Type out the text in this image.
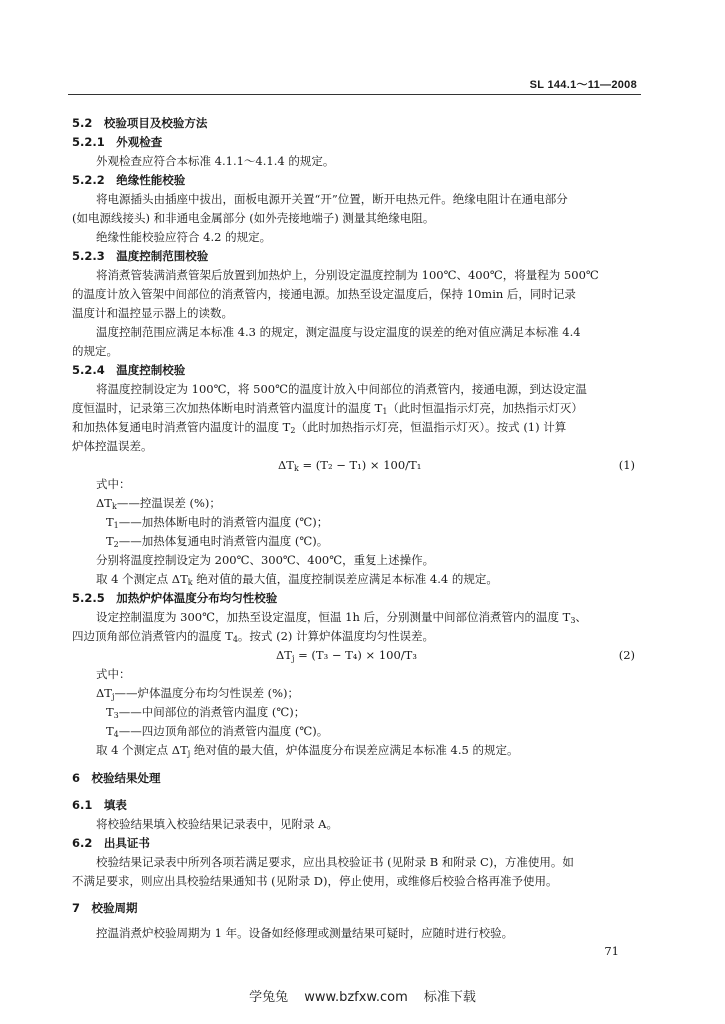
SL 144.1～11—2008
5.2　校验项目及校验方法
5.2.1　外观检查
外观检查应符合本标准 4.1.1～4.1.4 的规定。
5.2.2　绝缘性能校验
将电源插头由插座中拔出，面板电源开关置“开”位置，断开电热元件。绝缘电阻计在通电部分
(如电源线接头) 和非通电金属部分 (如外壳接地端子) 测量其绝缘电阻。
绝缘性能校验应符合 4.2 的规定。
5.2.3　温度控制范围校验
将消煮管装满消煮管架后放置到加热炉上，分别设定温度控制为 100℃、400℃，将量程为 500℃
的温度计放入管架中间部位的消煮管内，接通电源。加热至设定温度后，保持 10min 后，同时记录
温度计和温控显示器上的读数。
温度控制范围应满足本标准 4.3 的规定，测定温度与设定温度的误差的绝对值应满足本标准 4.4
的规定。
5.2.4　温度控制校验
将温度控制设定为 100℃，将 500℃的温度计放入中间部位的消煮管内，接通电源，到达设定温
度恒温时，记录第三次加热体断电时消煮管内温度计的温度 $T_1$（此时恒温指示灯亮，加热指示灯灭）
和加热体复通电时消煮管内温度计的温度 $T_2$（此时加热指示灯亮，恒温指示灯灭）。按式 (1) 计算
炉体控温误差。
$\Delta T_k = (T_2 - T_1) \times 100/T_1$	(1)
式中：
$\Delta T_k——$控温误差 (%)；
$T_1——$加热体断电时的消煮管内温度 (℃)；
$T_2——$加热体复通电时消煮管内温度 (℃)。
分别将温度控制设定为 200℃、300℃、400℃，重复上述操作。
取 4 个测定点 $\Delta T_k$ 绝对值的最大值，温度控制误差应满足本标准 4.4 的规定。
5.2.5　加热炉炉体温度分布均匀性校验
设定控制温度为 300℃，加热至设定温度，恒温 1h 后，分别测量中间部位消煮管内的温度 $T_3$、
四边顶角部位消煮管内的温度 $T_4$。按式 (2) 计算炉体温度均匀性误差。
$\Delta T_j = (T_3 - T_4) \times 100/T_3$	(2)
式中：
$\Delta T_j——$炉体温度分布均匀性误差 (%)；
$T_3——$中间部位的消煮管内温度 (℃)；
$T_4——$四边顶角部位的消煮管内温度 (℃)。
取 4 个测定点 $\Delta T_j$ 绝对值的最大值，炉体温度分布误差应满足本标准 4.5 的规定。
6　校验结果处理
6.1　填表
将校验结果填入校验结果记录表中，见附录 A。
6.2　出具证书
校验结果记录表中所列各项若满足要求，应出具校验证书 (见附录 B 和附录 C)，方准使用。如
不满足要求，则应出具校验结果通知书 (见附录 D)，停止使用，或维修后校验合格再准予使用。
7　校验周期
控温消煮炉校验周期为 1 年。设备如经修理或测量结果可疑时，应随时进行校验。
71
学兔兔 www.bzfxw.com 标准下载
